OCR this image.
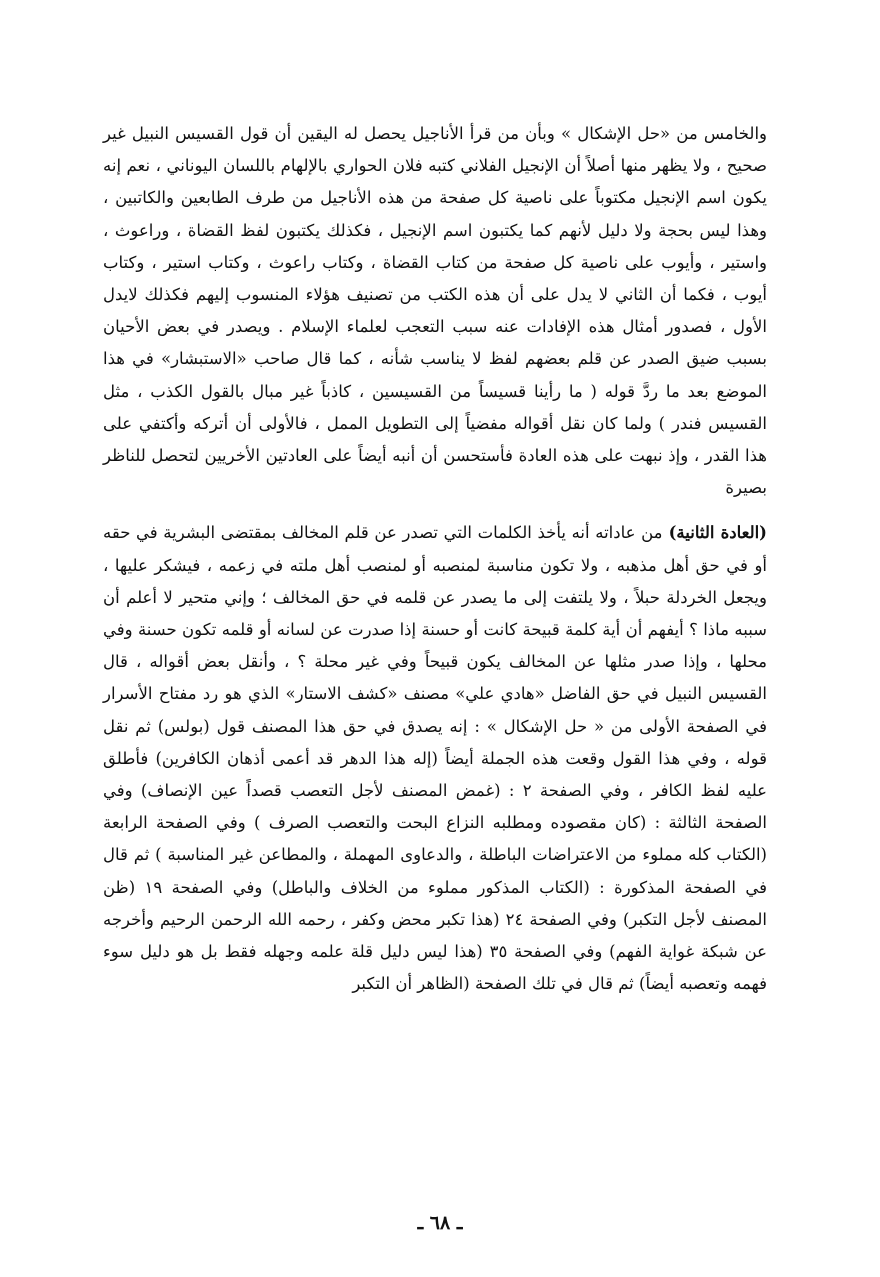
والخامس من «حل الإشكال » وبأن من قرأ الأناجيل يحصل له اليقين أن قول القسيس النبيل غير صحيح ، ولا يظهر منها أصلاً أن الإنجيل الفلاني كتبه فلان الحواري بالإلهام باللسان اليوناني ، نعم إنه يكون اسم الإنجيل مكتوباً على ناصية كل صفحة من هذه الأناجيل من طرف الطابعين والكاتبين ، وهذا ليس بحجة ولا دليل لأنهم كما يكتبون اسم الإنجيل ، فكذلك يكتبون لفظ القضاة ، وراعوث ، واستير ، وأيوب على ناصية كل صفحة من كتاب القضاة ، وكتاب راعوث ، وكتاب استير ، وكتاب أيوب ، فكما أن الثاني لا يدل على أن هذه الكتب من تصنيف هؤلاء المنسوب إليهم فكذلك لايدل الأول ، فصدور أمثال هذه الإفادات عنه سبب التعجب لعلماء الإسلام . ويصدر في بعض الأحيان بسبب ضيق الصدر عن قلم بعضهم لفظ لا يناسب شأنه ، كما قال صاحب «الاستبشار» في هذا الموضع بعد ما ردَّ قوله ( ما رأينا قسيساً من القسيسين ، كاذباً غير مبال بالقول الكذب ، مثل القسيس فندر ) ولما كان نقل أقواله مفضياً إلى التطويل الممل ، فالأولى أن أتركه وأكتفي على هذا القدر ، وإذ نبهت على هذه العادة فأستحسن أن أنبه أيضاً على العادتين الأخريين لتحصل للناظر بصيرة

(العادة الثانية) من عاداته أنه يأخذ الكلمات التي تصدر عن قلم المخالف بمقتضى البشرية في حقه أو في حق أهل مذهبه ، ولا تكون مناسبة لمنصبه أو لمنصب أهل ملته في زعمه ، فيشكر عليها ، ويجعل الخردلة حبلاً ، ولا يلتفت إلى ما يصدر عن قلمه في حق المخالف ؛ وإني متحير لا أعلم أن سببه ماذا ؟ أيفهم أن أية كلمة قبيحة كانت أو حسنة إذا صدرت عن لسانه أو قلمه تكون حسنة وفي محلها ، وإذا صدر مثلها عن المخالف يكون قبيحاً وفي غير محلة ؟ ، وأنقل بعض أقواله ، قال القسيس النبيل في حق الفاضل «هادي علي» مصنف «كشف الاستار» الذي هو رد مفتاح الأسرار في الصفحة الأولى من « حل الإشكال » : إنه يصدق في حق هذا المصنف قول (بولس) ثم نقل قوله ، وفي هذا القول وقعت هذه الجملة أيضاً (إله هذا الدهر قد أعمى أذهان الكافرين) فأطلق عليه لفظ الكافر ، وفي الصفحة ٢ : (غمض المصنف لأجل التعصب قصداً عين الإنصاف) وفي الصفحة الثالثة : (كان مقصوده ومطلبه النزاع البحت والتعصب الصرف ) وفي الصفحة الرابعة (الكتاب كله مملوء من الاعتراضات الباطلة ، والدعاوى المهملة ، والمطاعن غير المناسبة ) ثم قال في الصفحة المذكورة : (الكتاب المذكور مملوء من الخلاف والباطل) وفي الصفحة ١٩ (ظن المصنف لأجل التكبر) وفي الصفحة ٢٤ (هذا تكبر محض وكفر ، رحمه الله الرحمن الرحيم وأخرجه عن شبكة غواية الفهم) وفي الصفحة ٣٥ (هذا ليس دليل قلة علمه وجهله فقط بل هو دليل سوء فهمه وتعصبه أيضاً) ثم قال في تلك الصفحة (الظاهر أن التكبر

ـ ٦٨ ـ
